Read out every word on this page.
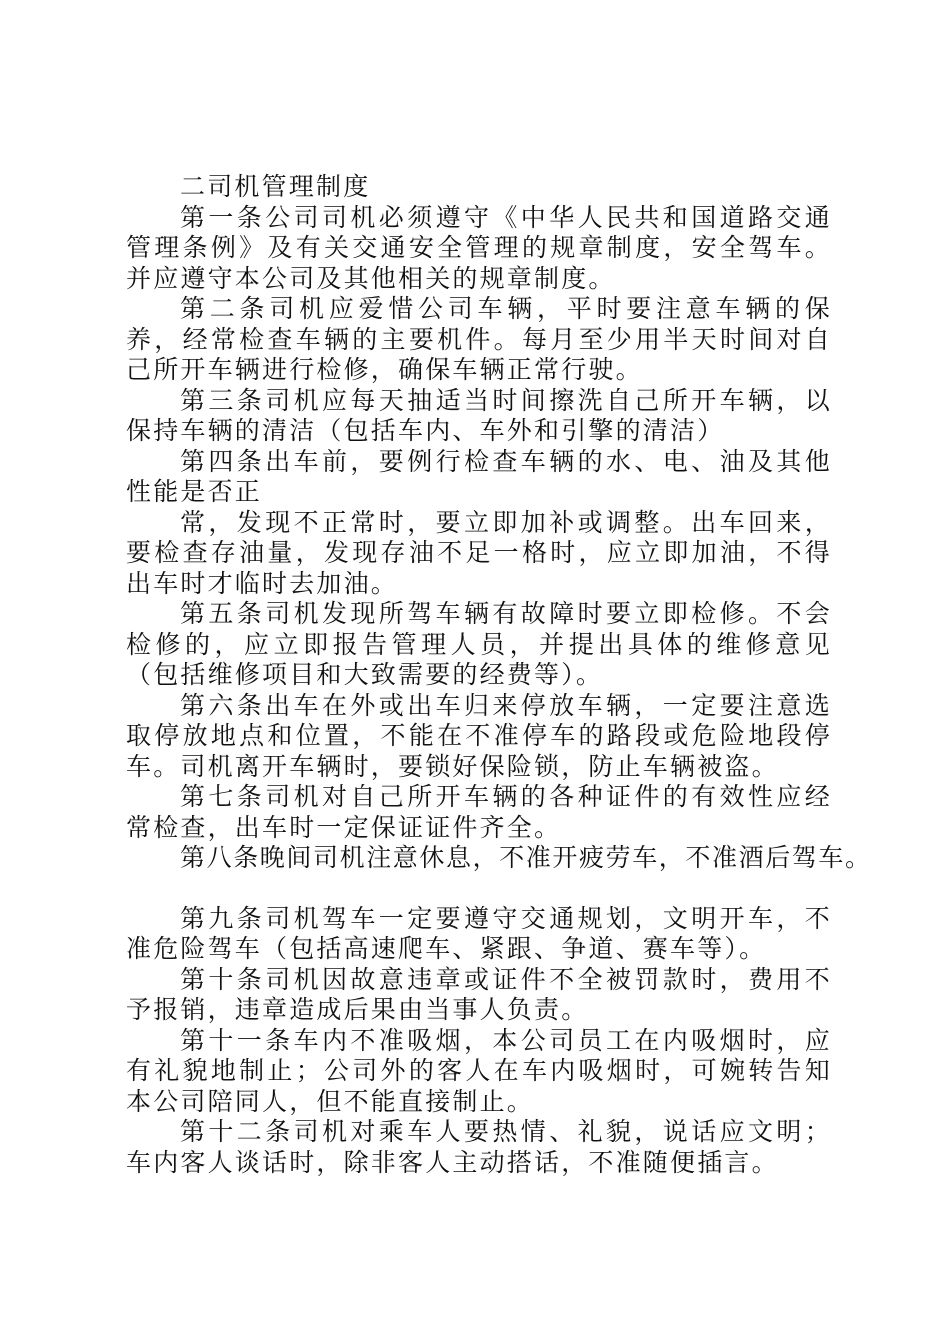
二司机管理制度

第一条公司司机必须遵守《中华人民共和国道路交通管理条例》及有关交通安全管理的规章制度，安全驾车。并应遵守本公司及其他相关的规章制度。

第二条司机应爱惜公司车辆，平时要注意车辆的保养，经常检查车辆的主要机件。每月至少用半天时间对自己所开车辆进行检修，确保车辆正常行驶。

第三条司机应每天抽适当时间擦洗自己所开车辆，以保持车辆的清洁（包括车内、车外和引擎的清洁）

第四条出车前，要例行检查车辆的水、电、油及其他性能是否正

常，发现不正常时，要立即加补或调整。出车回来，要检查存油量，发现存油不足一格时，应立即加油，不得出车时才临时去加油。

第五条司机发现所驾车辆有故障时要立即检修。不会检修的，应立即报告管理人员，并提出具体的维修意见（包括维修项目和大致需要的经费等）。

第六条出车在外或出车归来停放车辆，一定要注意选取停放地点和位置，不能在不准停车的路段或危险地段停车。司机离开车辆时，要锁好保险锁，防止车辆被盗。

第七条司机对自己所开车辆的各种证件的有效性应经常检查，出车时一定保证证件齐全。

第八条晚间司机注意休息，不准开疲劳车，不准酒后驾车。

第九条司机驾车一定要遵守交通规划，文明开车，不准危险驾车（包括高速爬车、紧跟、争道、赛车等）。

第十条司机因故意违章或证件不全被罚款时，费用不予报销，违章造成后果由当事人负责。

第十一条车内不准吸烟，本公司员工在内吸烟时，应有礼貌地制止；公司外的客人在车内吸烟时，可婉转告知本公司陪同人，但不能直接制止。

第十二条司机对乘车人要热情、礼貌，说话应文明；车内客人谈话时，除非客人主动搭话，不准随便插言。
